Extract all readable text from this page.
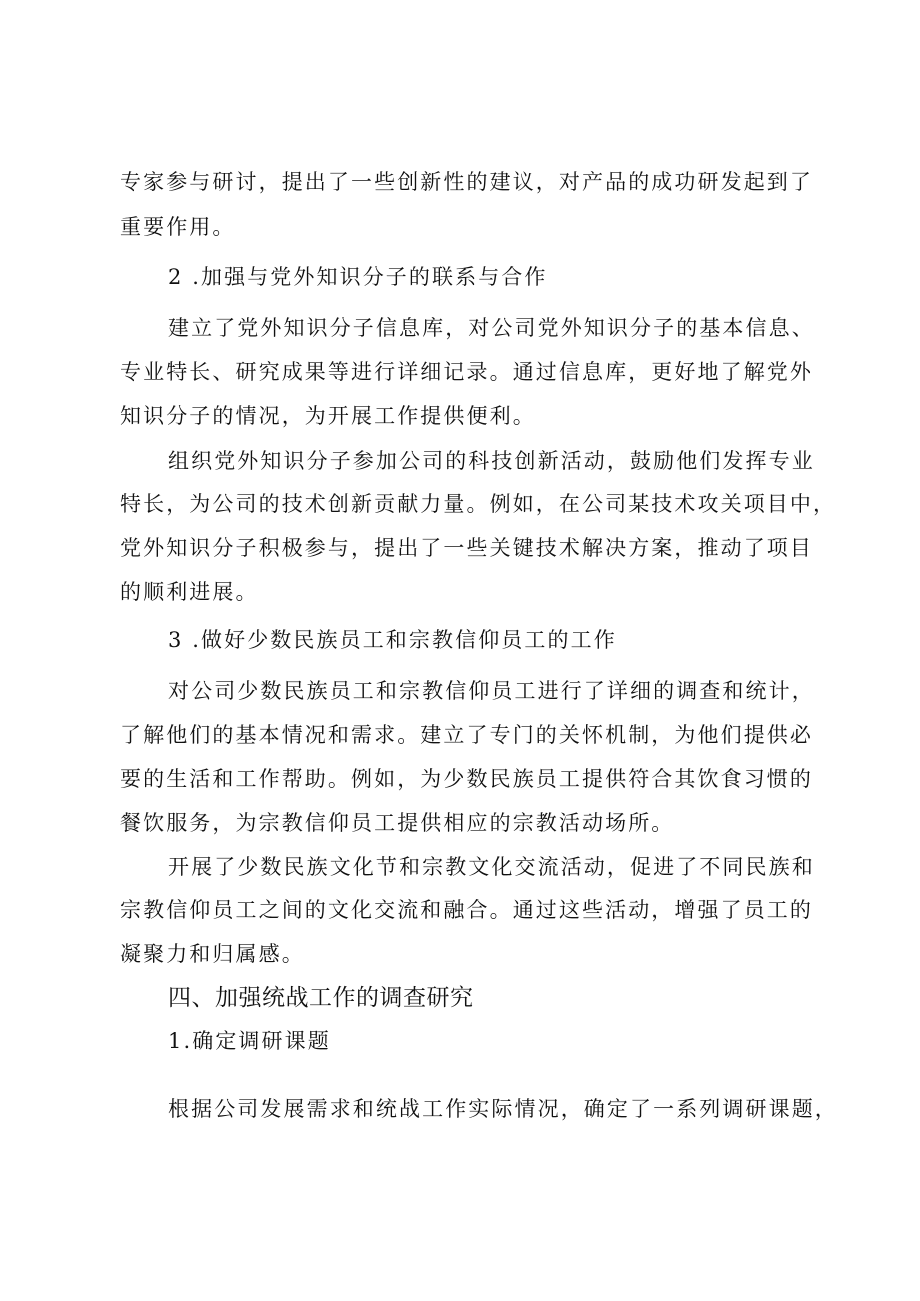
专家参与研讨，提出了一些创新性的建议，对产品的成功研发起到了
重要作用。
2 .加强与党外知识分子的联系与合作
建立了党外知识分子信息库，对公司党外知识分子的基本信息、
专业特长、研究成果等进行详细记录。通过信息库，更好地了解党外
知识分子的情况，为开展工作提供便利。
组织党外知识分子参加公司的科技创新活动，鼓励他们发挥专业
特长，为公司的技术创新贡献力量。例如，在公司某技术攻关项目中，
党外知识分子积极参与，提出了一些关键技术解决方案，推动了项目
的顺利进展。
3 .做好少数民族员工和宗教信仰员工的工作
对公司少数民族员工和宗教信仰员工进行了详细的调查和统计，
了解他们的基本情况和需求。建立了专门的关怀机制，为他们提供必
要的生活和工作帮助。例如，为少数民族员工提供符合其饮食习惯的
餐饮服务，为宗教信仰员工提供相应的宗教活动场所。
开展了少数民族文化节和宗教文化交流活动，促进了不同民族和
宗教信仰员工之间的文化交流和融合。通过这些活动，增强了员工的
凝聚力和归属感。
四、加强统战工作的调查研究
1.确定调研课题
根据公司发展需求和统战工作实际情况，确定了一系列调研课题，
